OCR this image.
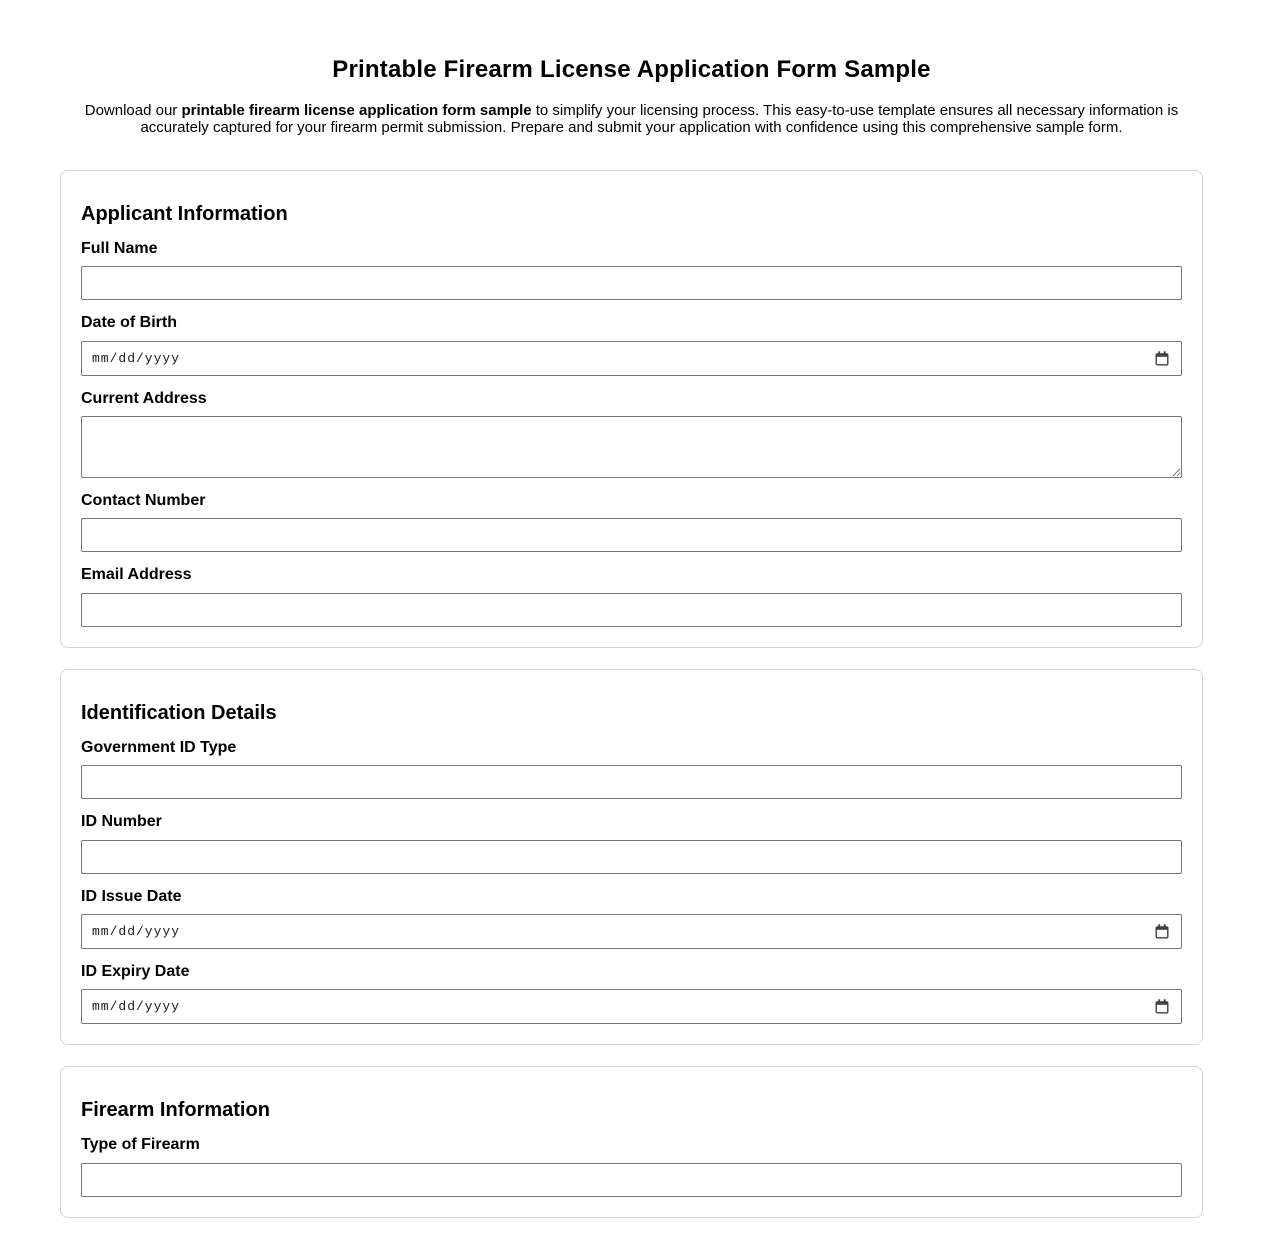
Printable Firearm License Application Form Sample

Download our printable firearm license application form sample to simplify your licensing process. This easy-to-use template ensures all necessary information is accurately captured for your firearm permit submission. Prepare and submit your application with confidence using this comprehensive sample form.

Applicant Information
Full Name
Date of Birth
mm/dd/yyyy
Current Address
Contact Number
Email Address
Identification Details
Government ID Type
ID Number
ID Issue Date
mm/dd/yyyy
ID Expiry Date
mm/dd/yyyy
Firearm Information
Type of Firearm
